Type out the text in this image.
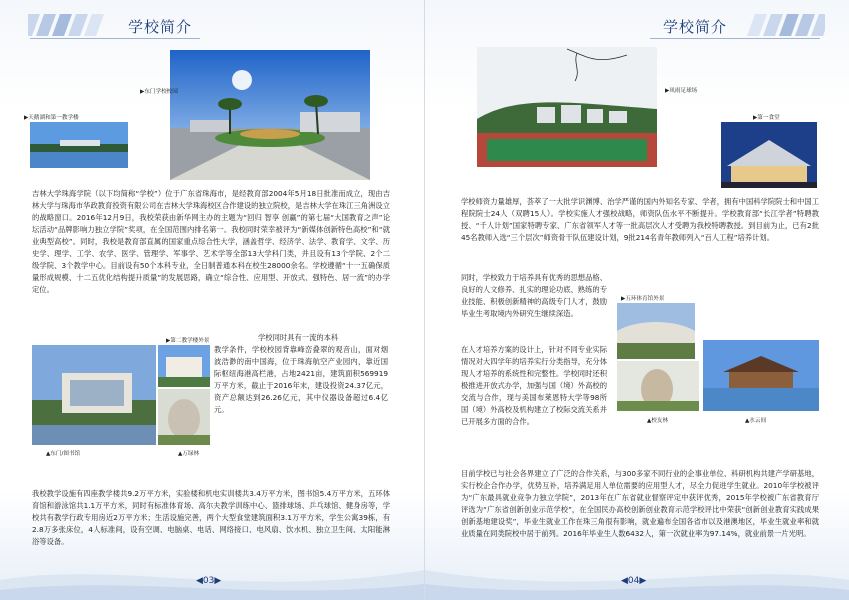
学校简介
▶东门学校校园
▶天鹅湖和第一教学楼

吉林大学珠海学院（以下均简称“学校”）位于广东省珠海市，是经教育部2004年5月18日批准而成立，现由吉林大学与珠海市华政教育投资有限公司在吉林大学珠海校区合作建设的独立院校，是吉林大学在珠江三角洲设立的战略窗口。2016年12月9日，我校荣获由新华网主办的主题为“回归 智享 创赢”的第七届“大国教育之声”论坛活动“品牌影响力独立学院”奖项，在全国范围内排名第一。我校同时荣幸被评为“新媒体创新特色高校”和“就业典型高校”。同时，我校是教育部直属的国家重点综合性大学，涵盖哲学、经济学、法学、教育学、文学、历史学、理学、工学、农学、医学、管理学、军事学、艺术学等全部13大学科门类，并且设有13个学院、2个二级学院、3个教学中心。目前设有50个本科专业，全日制普通本科在校生28000余名。学校遵循“十一五确保质量形成规模、十二五优化结构提升质量”的发展思路，确立“综合性、应用型、开放式、强特色、居一流”的办学定位。

▶第二教学楼外景
▲东门/图书馆	▲万绿林

学校同时具有一流的本科

教学条件，学校校园背靠峰峦叠翠的观音山，面对烟波浩渺的南中国海，位于珠海航空产业园内，靠近国际枢纽海港高栏港，占地2421亩，建筑面积569919万平方米，截止于2016年末，建设投资24.37亿元，资产总额达到26.26亿元，其中仪器设备超过6.4亿元。

我校教学设施有四座教学楼共9.2万平方米，实验楼和机电实训楼共3.4万平方米，图书馆5.4万平方米，五环体育馆和游泳馆共1.1万平方米，同时有标准体育场、高尔夫教学训练中心、篮排球场、乒乓球馆、健身房等，学校共有教学行政专用房近2万平方米；生活设施完善，两个大型食堂建筑面积3.1万平方米，学生公寓39栋，有2.8万多张床位，4人标准间，设有空调、电脑桌、电话、网络接口、电风扇、饮水机、独立卫生间、太阳能淋浴等设备。

◀03▶
学校简介
▶凤雨足球场
▶第一食堂

学校师资力量雄厚，荟萃了一大批学识渊博、治学严谨的国内外知名专家、学者，拥有中国科学院院士和中国工程院院士24人（双聘15人）。学校实施人才强校战略，师资队伍水平不断提升。学校教育部“长江学者”特聘教授、“千人计划”国家特聘专家、广东省领军人才等一批高层次人才受聘为我校特聘教授。到目前为止，已有2批45名教师入选“三个层次”师资骨干队伍建设计划，9批214名青年教师列入“百人工程”培养计划。

同时，学校致力于培养具有优秀的思想品格、良好的人文修养、扎实的理论功底、熟练的专业技能、积极创新精神的高级专门人才，鼓励毕业生考取境内外研究生继续深造。

在人才培养方案的设计上，针对不同专业实际情况对大四学年的培养实行分类指导，充分体现人才培养的系统性和完整性。学校同时还积极推进开放式办学，加强与国（境）外高校的交流与合作，现与美国布莱恩特大学等98所国（境）外高校及机构建立了校际交流关系并已开展多方面的合作。

▶五环体育馆外景
▲校友林	▲水云间

目前学校已与社会各界建立了广泛的合作关系，与300多家不同行业的企事业单位、科研机构共建产学研基地，实行校企合作办学，优势互补，培养满足用人单位需要的应用型人才，尽全力促进学生就业。2010年学校被评为“广东最具就业竞争力独立学院”，2013年在广东省就业督察评定中获评优秀，2015年学校被广东省教育厅评选为“广东省创新创业示范学校”，在全国民办高校创新创业教育示范学校评比中荣获“创新创业教育实践成果创新基地建设奖”，毕业生就业工作在珠三角很有影响，就业遍布全国各省市以及港澳地区，毕业生就业率和就业质量在同类院校中居于前列。2016年毕业生人数6432人，第一次就业率为97.14%，就业前景一片光明。

◀04▶
